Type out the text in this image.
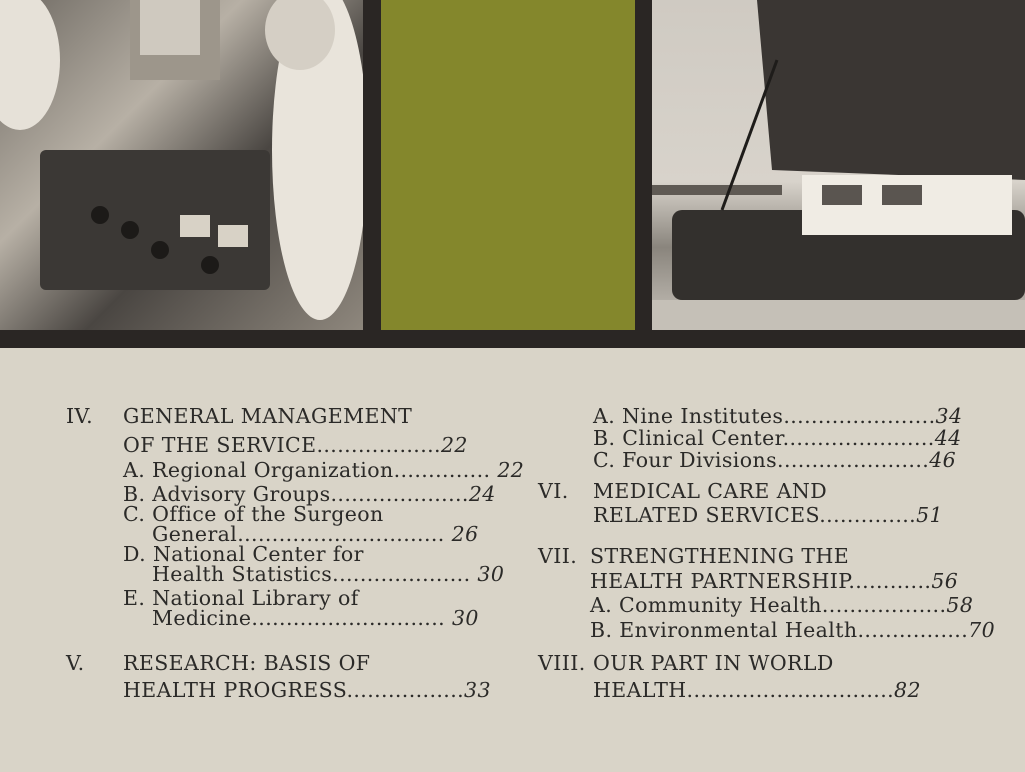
IV. GENERAL MANAGEMENT
OF THE SERVICE..................22
A. Regional Organization.............. 22
B. Advisory Groups....................24
C. Office of the Surgeon
General.............................. 26
D. National Center for
Health Statistics.................... 30
E. National Library of
Medicine............................ 30
V. RESEARCH: BASIS OF
HEALTH PROGRESS.................33
A. Nine Institutes......................34
B. Clinical Center......................44
C. Four Divisions......................46
VI. MEDICAL CARE AND
RELATED SERVICES..............51
VII. STRENGTHENING THE
HEALTH PARTNERSHIP............56
A. Community Health..................58
B. Environmental Health................70
VIII. OUR PART IN WORLD
HEALTH..............................82
